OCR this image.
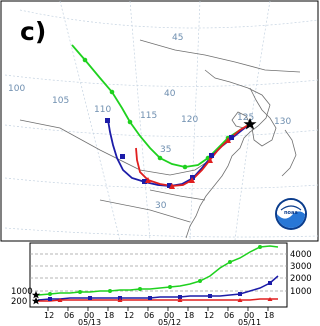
45
100
105
40
110
115	120	125 130
35
30
c)
noaa
1000
200
4000
3000
2000
1000
12 06 00 18 12 06 00 18 12 06 00 18
05/13	05/12	05/11
